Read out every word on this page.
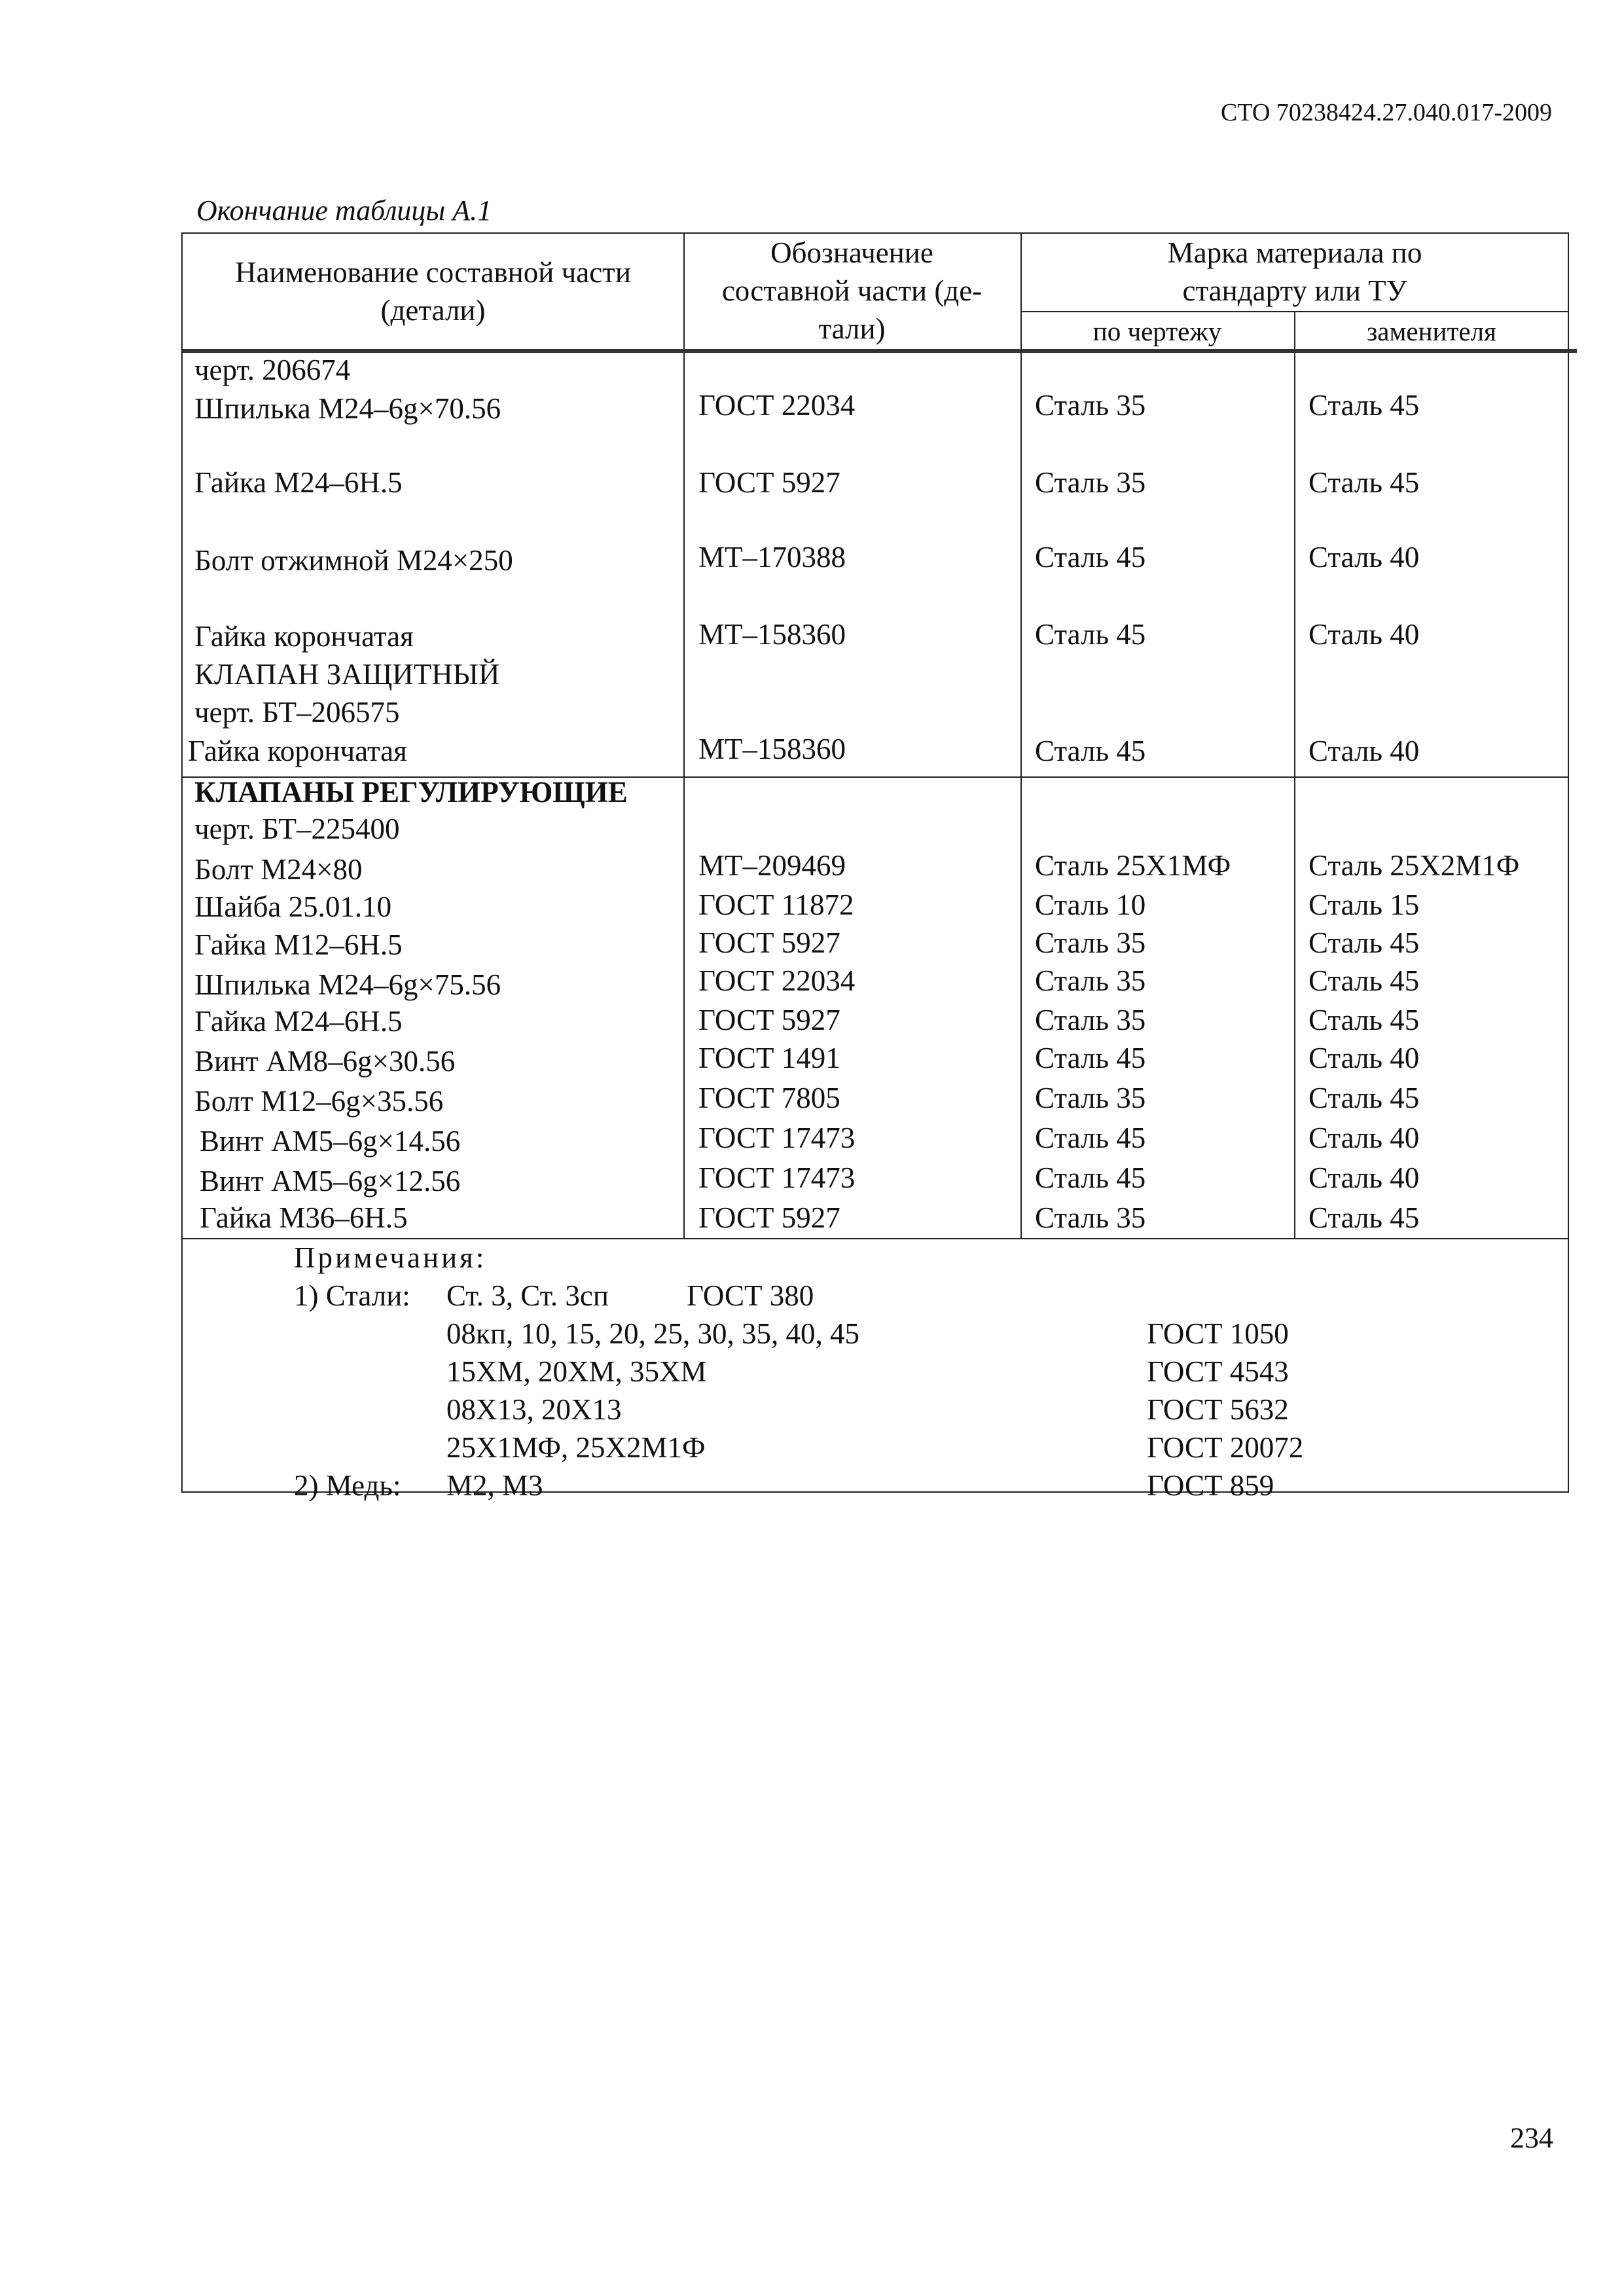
СТО 70238424.27.040.017-2009
Окончание таблицы А.1
Наименование составной части
(детали)
Обозначение
составной части (де-
тали)
Марка материала по
стандарту или ТУ
по чертежу	заменителя
черт. 206674
Шпилька М24–6g×70.56	ГОСТ 22034	Сталь 35	Сталь 45
Гайка М24–6Н.5	ГОСТ 5927	Сталь 35	Сталь 45
Болт отжимной М24×250	МТ–170388	Сталь 45	Сталь 40
Гайка корончатая	МТ–158360	Сталь 45	Сталь 40
КЛАПАН ЗАЩИТНЫЙ
черт. БТ–206575
Гайка корончатая	МТ–158360	Сталь 45	Сталь 40
КЛАПАНЫ РЕГУЛИРУЮЩИЕ
черт. БТ–225400
Болт М24×80	МТ–209469	Сталь 25Х1МФ	Сталь 25Х2М1Ф
Шайба 25.01.10	ГОСТ 11872	Сталь 10	Сталь 15
Гайка М12–6Н.5	ГОСТ 5927	Сталь 35	Сталь 45
Шпилька М24–6g×75.56	ГОСТ 22034	Сталь 35	Сталь 45
Гайка М24–6Н.5	ГОСТ 5927	Сталь 35	Сталь 45
Винт АМ8–6g×30.56	ГОСТ 1491	Сталь 45	Сталь 40
Болт М12–6g×35.56	ГОСТ 7805	Сталь 35	Сталь 45
Винт АМ5–6g×14.56	ГОСТ 17473	Сталь 45	Сталь 40
Винт АМ5–6g×12.56	ГОСТ 17473	Сталь 45	Сталь 40
Гайка М36–6Н.5	ГОСТ 5927	Сталь 35	Сталь 45
Примечания:
1) Стали: Ст. 3, Ст. 3сп	ГОСТ 380
08кп, 10, 15, 20, 25, 30, 35, 40, 45	ГОСТ 1050
15ХМ, 20ХМ, 35ХМ	ГОСТ 4543
08Х13, 20Х13	ГОСТ 5632
25Х1МФ, 25Х2М1Ф	ГОСТ 20072
2) Медь: М2, М3	ГОСТ 859
234
